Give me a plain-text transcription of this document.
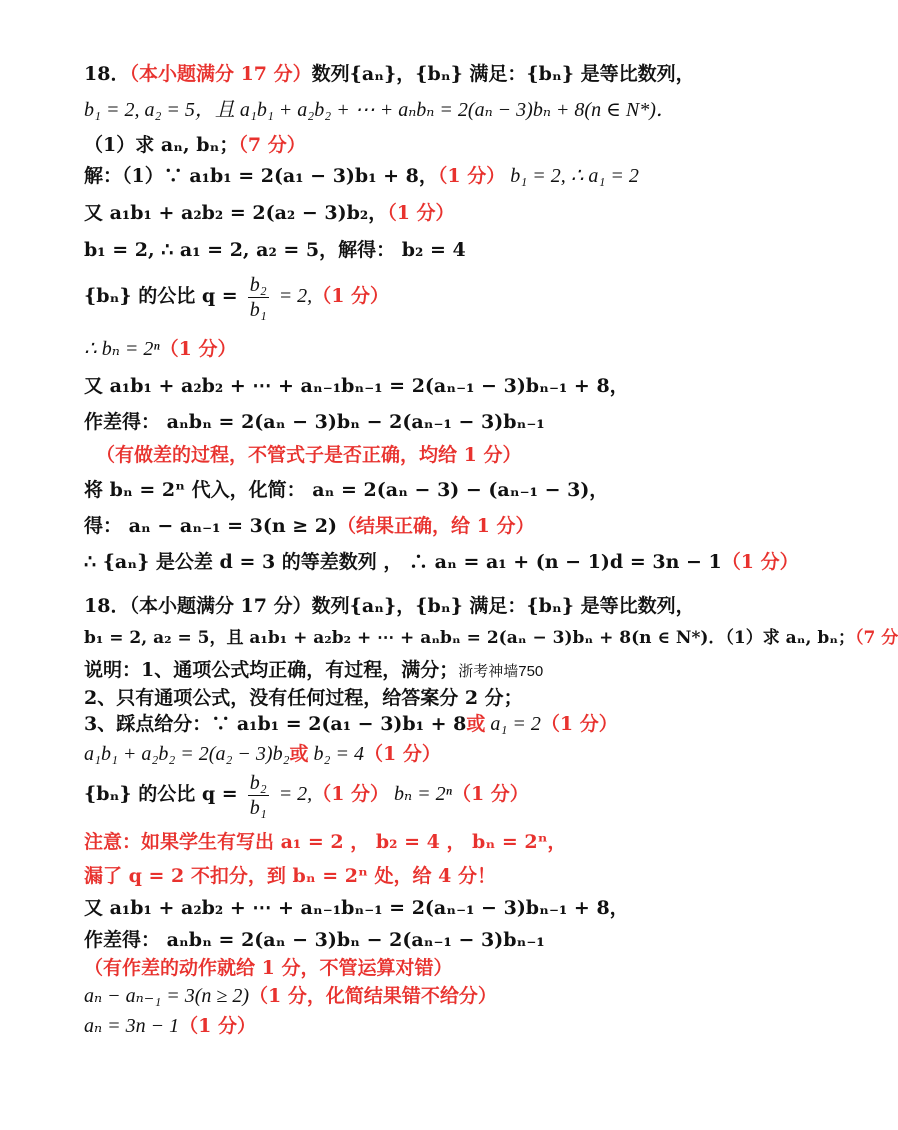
18．（本小题满分 17 分）数列{aₙ}，{bₙ} 满足：{bₙ} 是等比数列，
b₁ = 2, a₂ = 5，且 a₁b₁ + a₂b₂ + ⋯ + aₙbₙ = 2(aₙ − 3)bₙ + 8(n ∈ N*)．
（1）求 aₙ, bₙ；（7 分）
解：（1）∵ a₁b₁ = 2(a₁ − 3)b₁ + 8，（1 分） b₁ = 2, ∴ a₁ = 2
又 a₁b₁ + a₂b₂ = 2(a₂ − 3)b₂，（1 分）
b₁ = 2, ∴ a₁ = 2, a₂ = 5，解得： b₂ = 4
{bₙ} 的公比 $q = \frac{\text{b₂}}{\text{b₁}} = 2,(1$ 分）
∴ bₙ = 2ⁿ（1 分）
又 a₁b₁ + a₂b₂ + ⋯ + aₙ₋₁bₙ₋₁ = 2(aₙ₋₁ − 3)bₙ₋₁ + 8，
作差得： aₙbₙ = 2(aₙ − 3)bₙ − 2(aₙ₋₁ − 3)bₙ₋₁
（有做差的过程，不管式子是否正确，均给 1 分）
将 bₙ = 2ⁿ 代入，化简： aₙ = 2(aₙ − 3) − (aₙ₋₁ − 3)，
得： aₙ − aₙ₋₁ = 3(n ≥ 2)（结果正确，给 1 分）
∴ {aₙ} 是公差 d = 3 的等差数列 ， ∴ aₙ = a₁ + (n − 1)d = 3n − 1（1 分）
18．（本小题满分 17 分）数列{aₙ}，{bₙ} 满足：{bₙ} 是等比数列，
b₁ = 2, a₂ = 5，且 a₁b₁ + a₂b₂ + ⋯ + aₙbₙ = 2(aₙ − 3)bₙ + 8(n ∈ N*)．（1）求 aₙ, bₙ；（7 分
说明：1、通项公式均正确，有过程，满分；浙考神墙750
2、只有通项公式，没有任何过程，给答案分 2 分；
3、踩点给分：∵ a₁b₁ = 2(a₁ − 3)b₁ + 8或 a₁ = 2（1 分）
a₁b₁ + a₂b₂ = 2(a₂ − 3)b₂或 b₂ = 4（1 分）
{bₙ} 的公比 $q = \frac{\text{b₂}}{\text{b₁}} = 2,(1$ 分） bₙ = 2ⁿ（1 分）
注意：如果学生有写出 a₁ = 2 ， b₂ = 4 ， bₙ = 2ⁿ，
漏了 q = 2 不扣分，到 bₙ = 2ⁿ 处，给 4 分！
又 a₁b₁ + a₂b₂ + ⋯ + aₙ₋₁bₙ₋₁ = 2(aₙ₋₁ − 3)bₙ₋₁ + 8，
作差得： aₙbₙ = 2(aₙ − 3)bₙ − 2(aₙ₋₁ − 3)bₙ₋₁
（有作差的动作就给 1 分，不管运算对错）
aₙ − aₙ₋₁ = 3(n ≥ 2)（1 分，化简结果错不给分）
aₙ = 3n − 1（1 分）
